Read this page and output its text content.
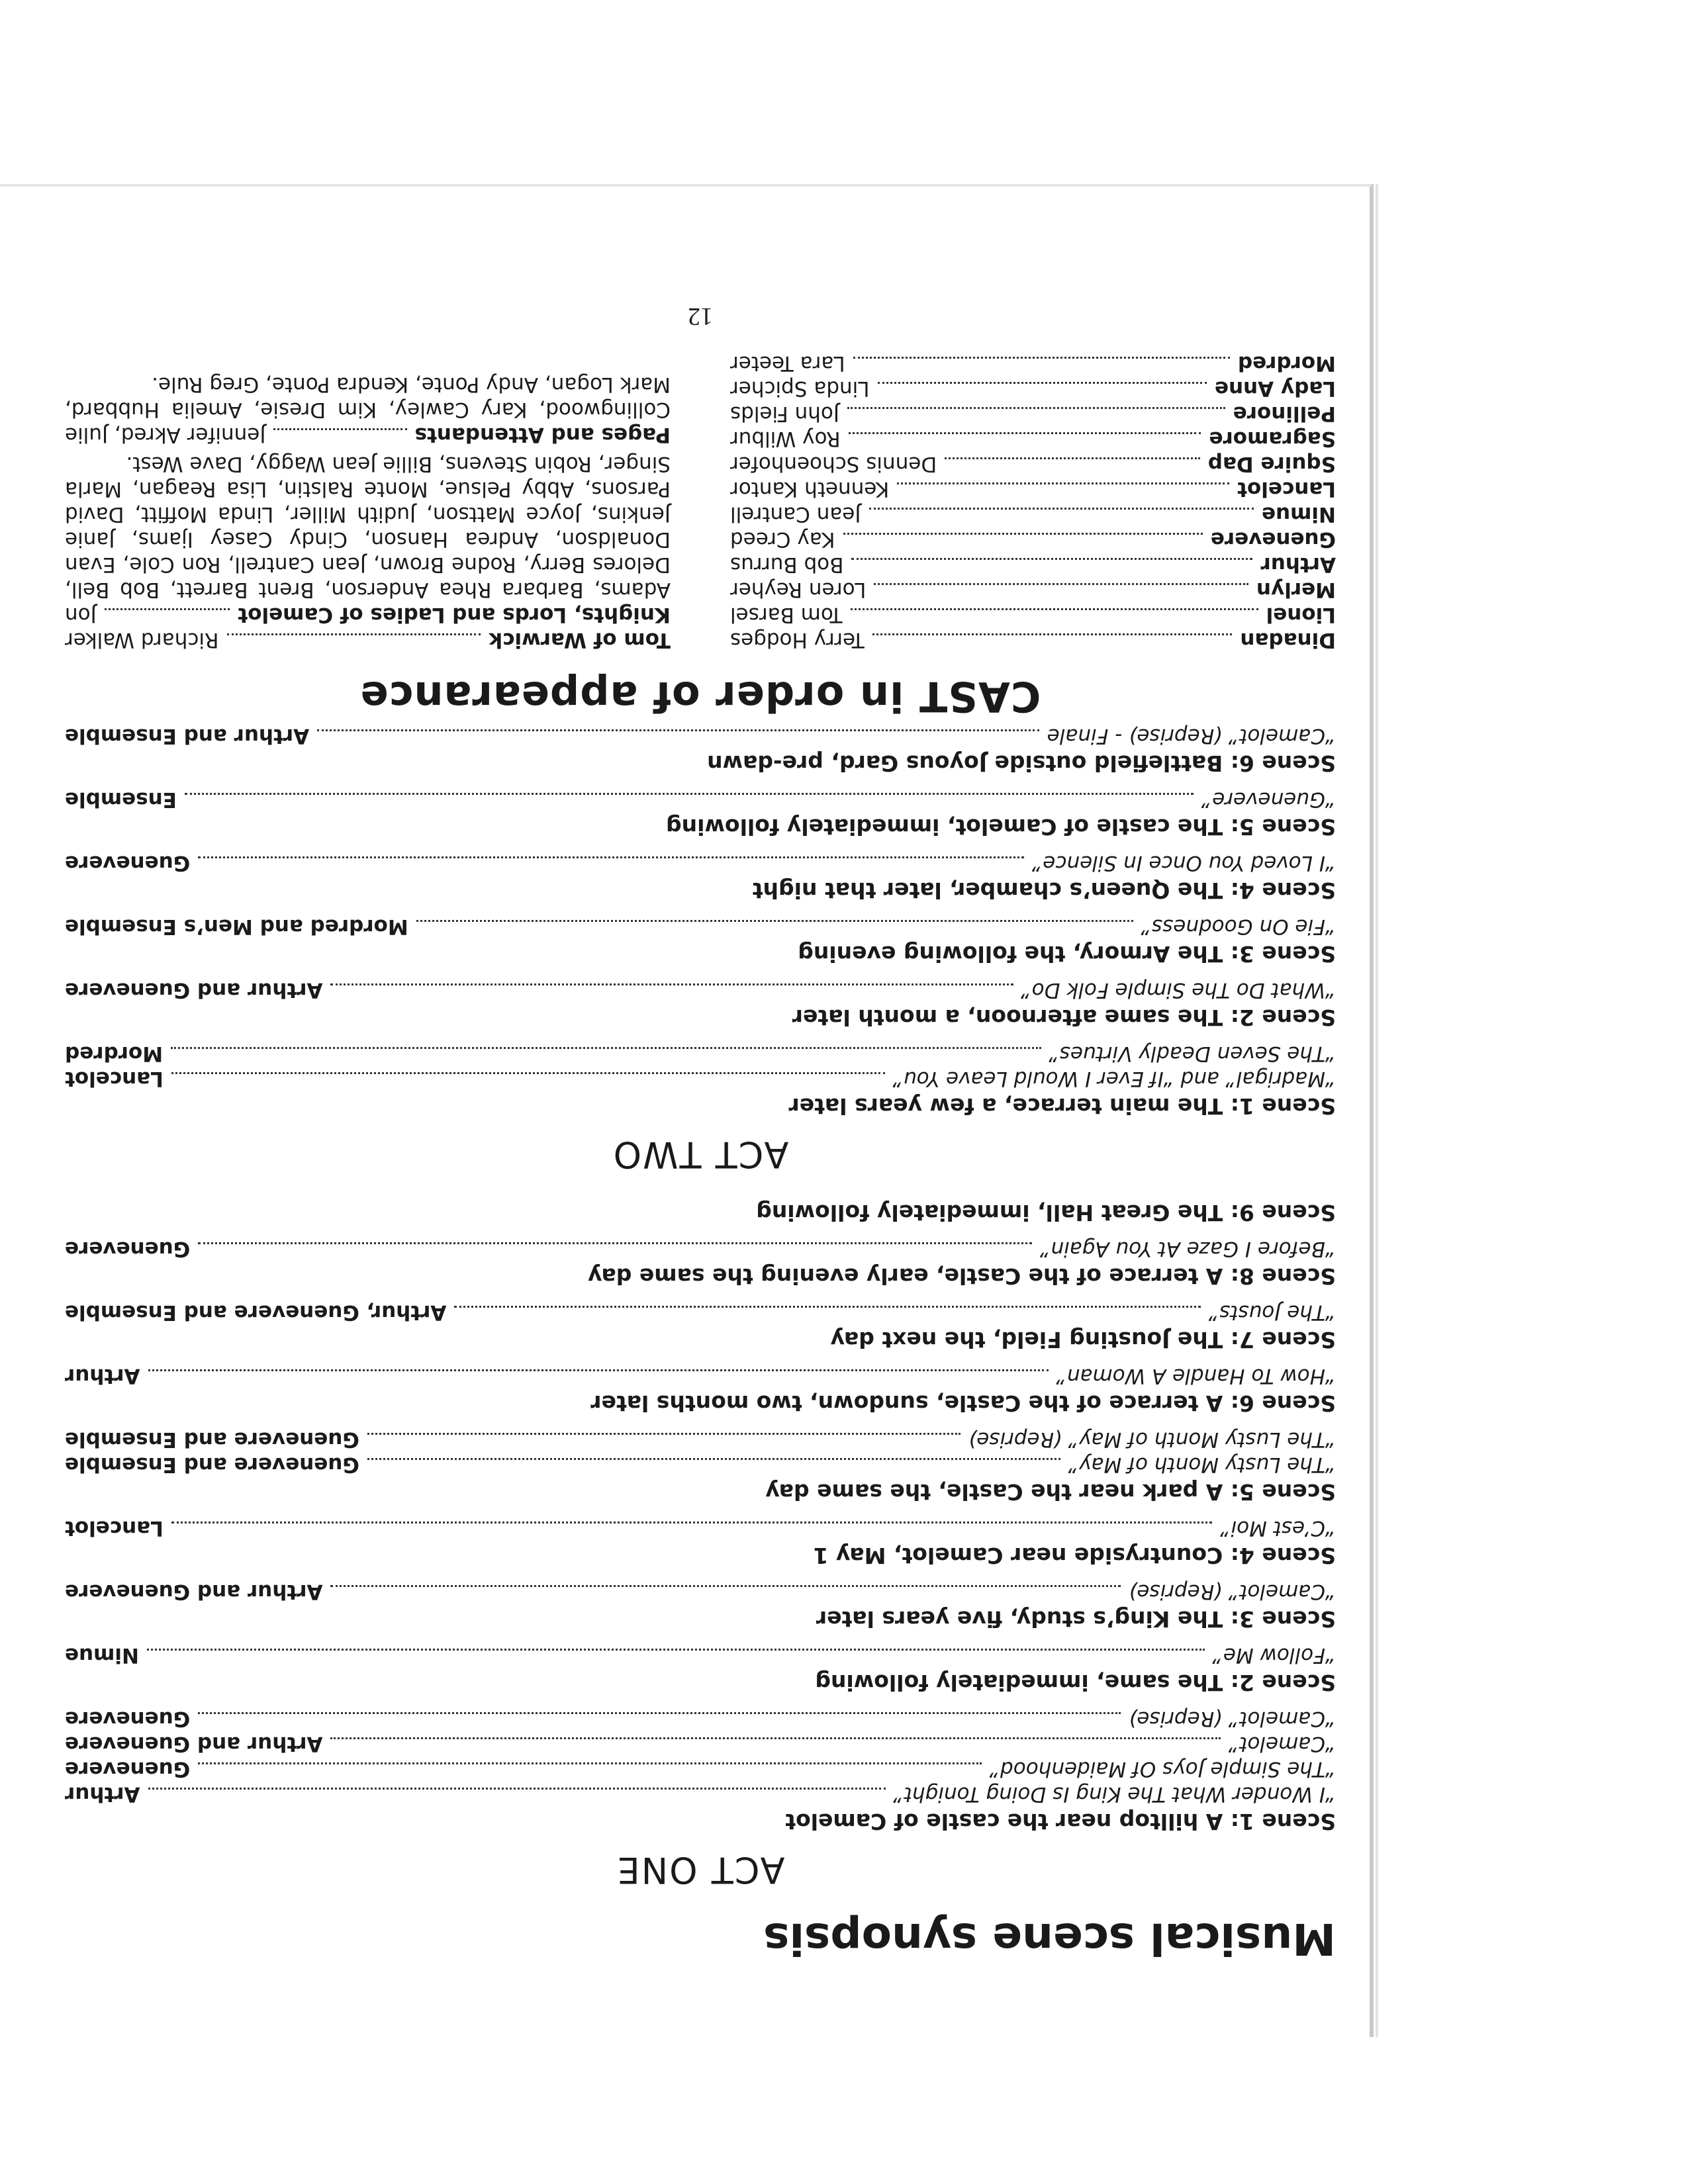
Musical scene synopsis
ACT ONE
Scene 1: A hilltop near the castle of Camelot
“I Wonder What The King Is Doing Tonight”
Arthur
“The Simple Joys Of Maidenhood”
Guenevere
“Camelot”
Arthur and Guenevere
“Camelot” (Reprise)
Guenevere
Scene 2: The same, immediately following
“Follow Me”
Nimue
Scene 3: The King’s study, five years later
“Camelot” (Reprise)
Arthur and Guenevere
Scene 4: Countryside near Camelot, May 1
“C’est Moi”
Lancelot
Scene 5: A park near the Castle, the same day
“The Lusty Month of May”
Guenevere and Ensemble
“The Lusty Month of May” (Reprise)
Guenevere and Ensemble
Scene 6: A terrace of the Castle, sundown, two months later
“How To Handle A Woman”
Arthur
Scene 7: The Jousting Field, the next day
“The Jousts”
Arthur, Guenevere and Ensemble
Scene 8: A terrace of the Castle, early evening the same day
“Before I Gaze At You Again”
Guenevere
Scene 9: The Great Hall, immediately following
ACT TWO
Scene 1: The main terrace, a few years later
“Madrigal” and “If Ever I Would Leave You”
Lancelot
“The Seven Deadly Virtues”
Mordred
Scene 2: The same afternoon, a month later
“What Do The Simple Folk Do”
Arthur and Guenevere
Scene 3: The Armory, the following evening
“Fie On Goodness”
Mordred and Men’s Ensemble
Scene 4: The Queen’s chamber, later that night
“I Loved You Once In Silence”
Guenevere
Scene 5: The castle of Camelot, immediately following
“Guenevere”
Ensemble
Scene 6: Battlefield outside Joyous Gard, pre-dawn
“Camelot” (Reprise) - Finale
Arthur and Ensemble
CAST in order of appearance
Dinadan
Terry Hodges
Lionel
Tom Barsel
Merlyn
Loren Reyher
Arthur
Bob Burrus
Guenevere
Kay Creed
Nimue
Jean Cantrell
Lancelot
Kenneth Kantor
Squire Dap
Dennis Schoenhofer
Sagramore
Roy Wilbur
Pellinore
John Fields
Lady Anne
Linda Spicher
Mordred
Lara Teeter
Tom of Warwick
Richard Walker
Knights, Lords and Ladies of Camelot
Jon
Adams, Barbara Rhea Anderson, Brent Barrett, Bob Bell, Delores Berry, Rodne Brown, Jean Cantrell, Ron Cole, Evan Donaldson, Andrea Hanson, Cindy Casey Ijams, Janie Jenkins, Joyce Mattson, Judith Miller, Linda Moffitt, David Parsons, Abby Pelsue, Monte Ralstin, Lisa Reagan, Marla Singer, Robin Stevens, Billie Jean Waggy, Dave West.
Pages and Attendants
Jennifer Akred, Julie
Collingwood, Kary Cawley, Kim Dresie, Amelia Hubbard, Mark Logan, Andy Ponte, Kendra Ponte, Greg Rule.
12
